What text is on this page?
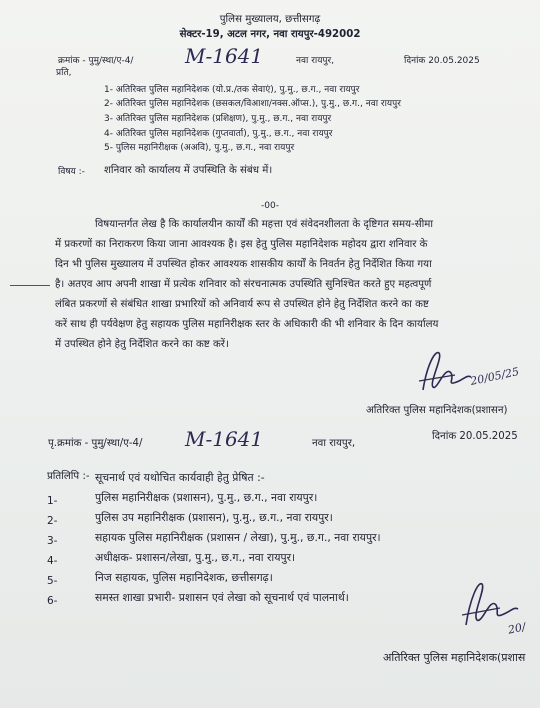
पुलिस मुख्यालय, छत्तीसगढ़
सेक्टर-19, अटल नगर, नवा रायपुर-492002
क्रमांक - पुमु/स्था/ए-4/	M-1641	नवा रायपुर,	दिनांक 20.05.2025
प्रति,
1- अतिरिक्त पुलिस महानिदेशक (यो.प्र./तक सेवाएं), पु.मु., छ.ग., नवा रायपुर
2- अतिरिक्त पुलिस महानिदेशक (छसकल/विआशा/नक्स.ऑप्स.), पु.मु., छ.ग., नवा रायपुर
3- अतिरिक्त पुलिस महानिदेशक (प्रशिक्षण), पु.मु., छ.ग., नवा रायपुर
4- अतिरिक्त पुलिस महानिदेशक (गुप्तवार्ता), पु.मु., छ.ग., नवा रायपुर
5- पुलिस महानिरीक्षक (अअवि), पु.मु., छ.ग., नवा रायपुर
विषय :- शनिवार को कार्यालय में उपस्थिति के संबंध में।
-00-
विषयान्तर्गत लेख है कि कार्यालयीन कार्यों की महत्ता एवं संवेदनशीलता के दृष्टिगत समय-सीमा
में प्रकरणों का निराकरण किया जाना आवश्यक है। इस हेतु पुलिस महानिदेशक महोदय द्वारा शनिवार के
दिन भी पुलिस मुख्यालय में उपस्थित होकर आवश्यक शासकीय कार्यों के निवर्तन हेतु निर्देशित किया गया
है। अतएव आप अपनी शाखा में प्रत्येक शनिवार को संरचनात्मक उपस्थिति सुनिश्चित करते हुए महत्वपूर्ण
लंबित प्रकरणों से संबंधित शाखा प्रभारियों को अनिवार्य रूप से उपस्थित होने हेतु निर्देशित करने का कष्ट
करें साथ ही पर्यवेक्षण हेतु सहायक पुलिस महानिरीक्षक स्तर के अधिकारी की भी शनिवार के दिन कार्यालय
में उपस्थित होने हेतु निर्देशित करने का कष्ट करें।
20/05/25
अतिरिक्त पुलिस महानिदेशक(प्रशासन)
पृ.क्रमांक - पुमु/स्था/ए-4/ M-1641	नवा रायपुर,
दिनांक 20.05.2025
प्रतिलिपि :- सूचनार्थ एवं यथोचित कार्यवाही हेतु प्रेषित :-
1-	पुलिस महानिरीक्षक (प्रशासन), पु.मु., छ.ग., नवा रायपुर।
2-	पुलिस उप महानिरीक्षक (प्रशासन), पु.मु., छ.ग., नवा रायपुर।
3-	सहायक पुलिस महानिरीक्षक (प्रशासन / लेखा), पु.मु., छ.ग., नवा रायपुर।
4-	अधीक्षक- प्रशासन/लेखा, पु.मु., छ.ग., नवा रायपुर।
5-	निज सहायक, पुलिस महानिदेशक, छत्तीसगढ़।
6-	समस्त शाखा प्रभारी- प्रशासन एवं लेखा को सूचनार्थ एवं पालनार्थ।
20/
अतिरिक्त पुलिस महानिदेशक(प्रशास
